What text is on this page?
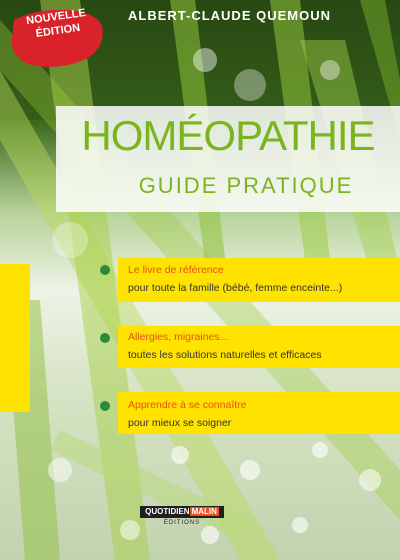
ALBERT-CLAUDE QUEMOUN
NOUVELLE
ÉDITION
HOMÉOPATHIE
GUIDE PRATIQUE
Le livre de référence
pour toute la famille (bébé, femme enceinte...)
Allergies, migraines...
toutes les solutions naturelles et efficaces
Apprendre à se connaître
pour mieux se soigner
QUOTIDIEN MALIN
ÉDITIONS
